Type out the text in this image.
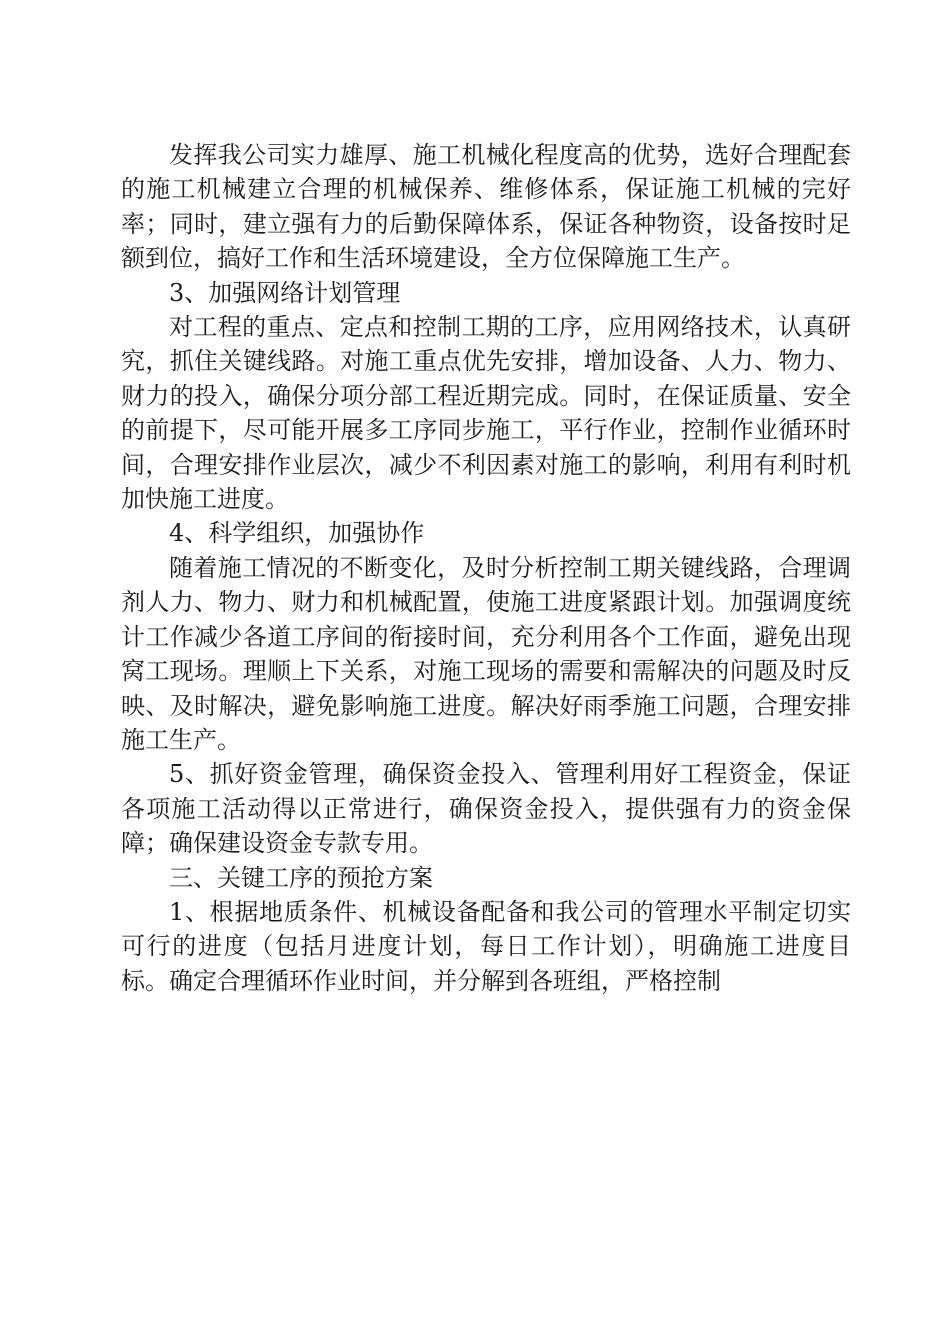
发挥我公司实力雄厚、施工机械化程度高的优势，选好合理配套的施工机械建立合理的机械保养、维修体系，保证施工机械的完好率；同时，建立强有力的后勤保障体系，保证各种物资，设备按时足额到位，搞好工作和生活环境建设，全方位保障施工生产。

3、加强网络计划管理

对工程的重点、定点和控制工期的工序，应用网络技术，认真研究，抓住关键线路。对施工重点优先安排，增加设备、人力、物力、财力的投入，确保分项分部工程近期完成。同时，在保证质量、安全的前提下，尽可能开展多工序同步施工，平行作业，控制作业循环时间，合理安排作业层次，减少不利因素对施工的影响，利用有利时机加快施工进度。

4、科学组织，加强协作

随着施工情况的不断变化，及时分析控制工期关键线路，合理调剂人力、物力、财力和机械配置，使施工进度紧跟计划。加强调度统计工作减少各道工序间的衔接时间，充分利用各个工作面，避免出现窝工现场。理顺上下关系，对施工现场的需要和需解决的问题及时反映、及时解决，避免影响施工进度。解决好雨季施工问题，合理安排施工生产。

5、抓好资金管理，确保资金投入、管理利用好工程资金，保证各项施工活动得以正常进行，确保资金投入，提供强有力的资金保障；确保建设资金专款专用。

三、关键工序的预抢方案

1、根据地质条件、机械设备配备和我公司的管理水平制定切实可行的进度（包括月进度计划，每日工作计划），明确施工进度目标。确定合理循环作业时间，并分解到各班组，严格控制
